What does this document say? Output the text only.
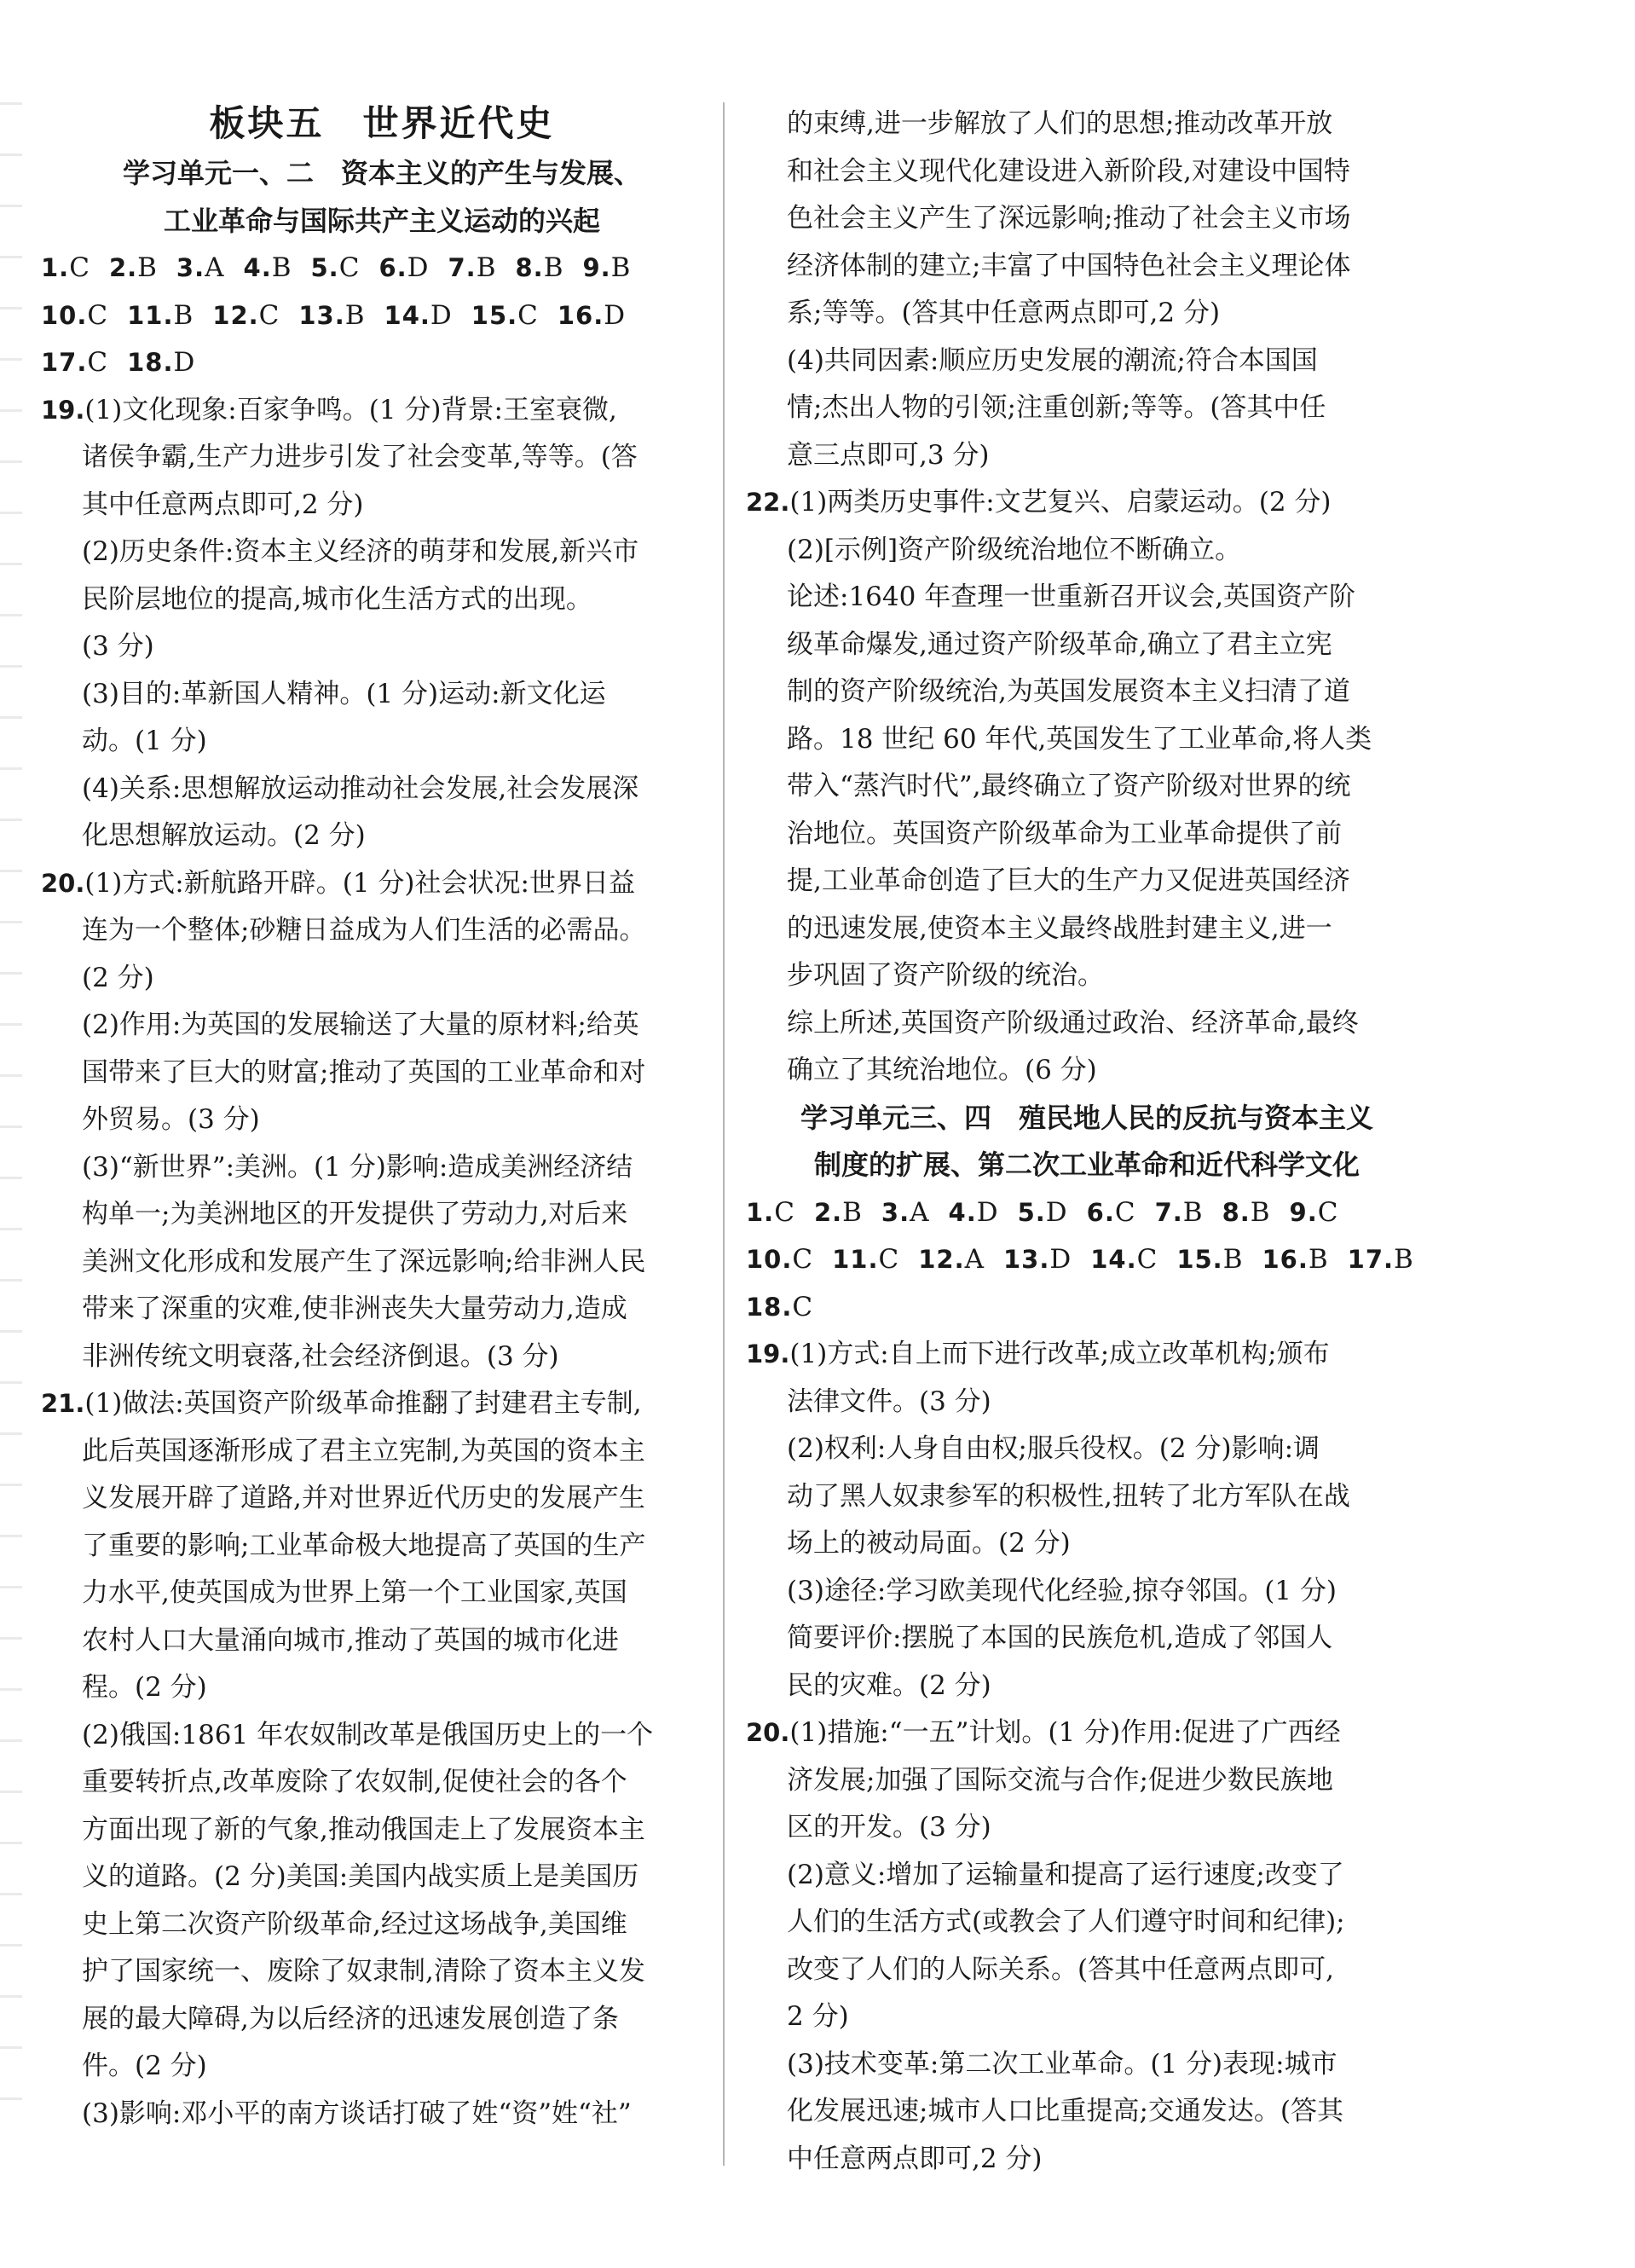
板块五　世界近代史
学习单元一、二　资本主义的产生与发展、
工业革命与国际共产主义运动的兴起
1.C 2.B 3.A 4.B 5.C 6.D 7.B 8.B 9.B
10.C 11.B 12.C 13.B 14.D 15.C 16.D
17.C 18.D
19.(1)文化现象:百家争鸣。(1 分)背景:王室衰微,
诸侯争霸,生产力进步引发了社会变革,等等。(答
其中任意两点即可,2 分)
(2)历史条件:资本主义经济的萌芽和发展,新兴市
民阶层地位的提高,城市化生活方式的出现。
(3 分)
(3)目的:革新国人精神。(1 分)运动:新文化运
动。(1 分)
(4)关系:思想解放运动推动社会发展,社会发展深
化思想解放运动。(2 分)
20.(1)方式:新航路开辟。(1 分)社会状况:世界日益
连为一个整体;砂糖日益成为人们生活的必需品。
(2 分)
(2)作用:为英国的发展输送了大量的原材料;给英
国带来了巨大的财富;推动了英国的工业革命和对
外贸易。(3 分)
(3)“新世界”:美洲。(1 分)影响:造成美洲经济结
构单一;为美洲地区的开发提供了劳动力,对后来
美洲文化形成和发展产生了深远影响;给非洲人民
带来了深重的灾难,使非洲丧失大量劳动力,造成
非洲传统文明衰落,社会经济倒退。(3 分)
21.(1)做法:英国资产阶级革命推翻了封建君主专制,
此后英国逐渐形成了君主立宪制,为英国的资本主
义发展开辟了道路,并对世界近代历史的发展产生
了重要的影响;工业革命极大地提高了英国的生产
力水平,使英国成为世界上第一个工业国家,英国
农村人口大量涌向城市,推动了英国的城市化进
程。(2 分)
(2)俄国:1861 年农奴制改革是俄国历史上的一个
重要转折点,改革废除了农奴制,促使社会的各个
方面出现了新的气象,推动俄国走上了发展资本主
义的道路。(2 分)美国:美国内战实质上是美国历
史上第二次资产阶级革命,经过这场战争,美国维
护了国家统一、废除了奴隶制,清除了资本主义发
展的最大障碍,为以后经济的迅速发展创造了条
件。(2 分)
(3)影响:邓小平的南方谈话打破了姓“资”姓“社”
的束缚,进一步解放了人们的思想;推动改革开放
和社会主义现代化建设进入新阶段,对建设中国特
色社会主义产生了深远影响;推动了社会主义市场
经济体制的建立;丰富了中国特色社会主义理论体
系;等等。(答其中任意两点即可,2 分)
(4)共同因素:顺应历史发展的潮流;符合本国国
情;杰出人物的引领;注重创新;等等。(答其中任
意三点即可,3 分)
22.(1)两类历史事件:文艺复兴、启蒙运动。(2 分)
(2)[示例]资产阶级统治地位不断确立。
论述:1640 年查理一世重新召开议会,英国资产阶
级革命爆发,通过资产阶级革命,确立了君主立宪
制的资产阶级统治,为英国发展资本主义扫清了道
路。18 世纪 60 年代,英国发生了工业革命,将人类
带入“蒸汽时代”,最终确立了资产阶级对世界的统
治地位。英国资产阶级革命为工业革命提供了前
提,工业革命创造了巨大的生产力又促进英国经济
的迅速发展,使资本主义最终战胜封建主义,进一
步巩固了资产阶级的统治。
综上所述,英国资产阶级通过政治、经济革命,最终
确立了其统治地位。(6 分)
学习单元三、四　殖民地人民的反抗与资本主义
制度的扩展、第二次工业革命和近代科学文化
1.C 2.B 3.A 4.D 5.D 6.C 7.B 8.B 9.C
10.C 11.C 12.A 13.D 14.C 15.B 16.B 17.B
18.C
19.(1)方式:自上而下进行改革;成立改革机构;颁布
法律文件。(3 分)
(2)权利:人身自由权;服兵役权。(2 分)影响:调
动了黑人奴隶参军的积极性,扭转了北方军队在战
场上的被动局面。(2 分)
(3)途径:学习欧美现代化经验,掠夺邻国。(1 分)
简要评价:摆脱了本国的民族危机,造成了邻国人
民的灾难。(2 分)
20.(1)措施:“一五”计划。(1 分)作用:促进了广西经
济发展;加强了国际交流与合作;促进少数民族地
区的开发。(3 分)
(2)意义:增加了运输量和提高了运行速度;改变了
人们的生活方式(或教会了人们遵守时间和纪律);
改变了人们的人际关系。(答其中任意两点即可,
2 分)
(3)技术变革:第二次工业革命。(1 分)表现:城市
化发展迅速;城市人口比重提高;交通发达。(答其
中任意两点即可,2 分)
